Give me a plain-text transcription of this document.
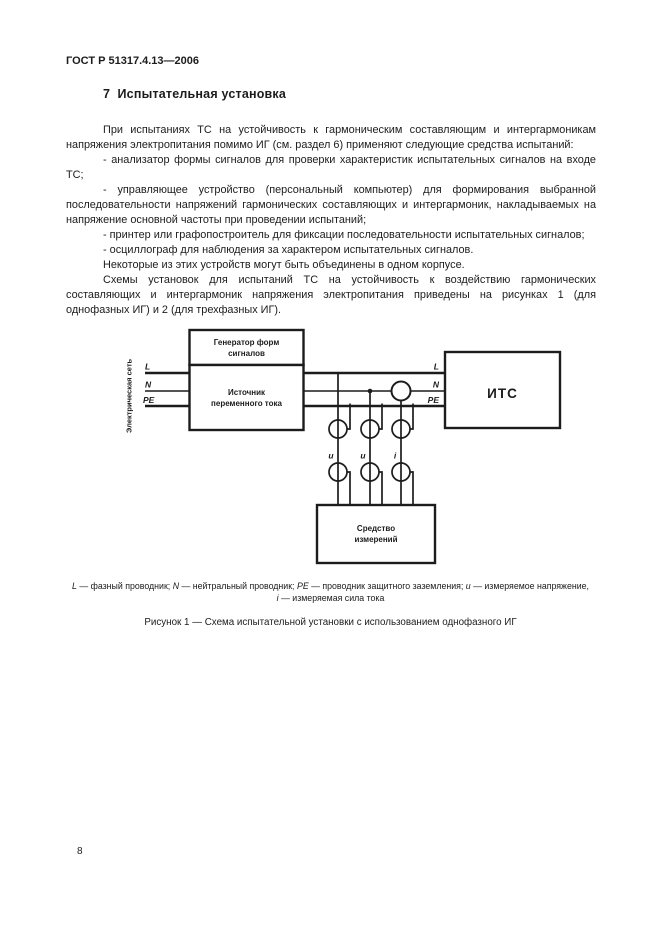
ГОСТ Р 51317.4.13—2006
7  Испытательная установка

При испытаниях ТС на устойчивость к гармоническим составляющим и интергармоникам напряжения электропитания помимо ИГ (см. раздел 6) применяют следующие средства испытаний:

- анализатор формы сигналов для проверки характеристик испытательных сигналов на входе ТС;

- управляющее устройство (персональный компьютер) для формирования выбранной последовательности напряжений гармонических составляющих и интергармоник, накладываемых на напряжение основной частоты при проведении испытаний;

- принтер или графопостроитель для фиксации последовательности испытательных сигналов;

- осциллограф для наблюдения за характером испытательных сигналов.

Некоторые из этих устройств могут быть объединены в одном корпусе.

Схемы установок для испытаний ТС на устойчивость к воздействию гармонических составляющих и интергармоник напряжения электропитания приведены на рисунках 1 (для однофазных ИГ) и 2 (для трехфазных ИГ).

Генератор форм
сигналов
Источник
переменного тока
ИТС
Средство
измерений
L
N
PE
L
N
PE
u	u	i
Электрическая сеть
L — фазный проводник; N — нейтральный проводник; PE — проводник защитного заземления; u — измеряемое напряжение,
i — измеряемая сила тока
Рисунок 1 — Схема испытательной установки с использованием однофазного ИГ
8
